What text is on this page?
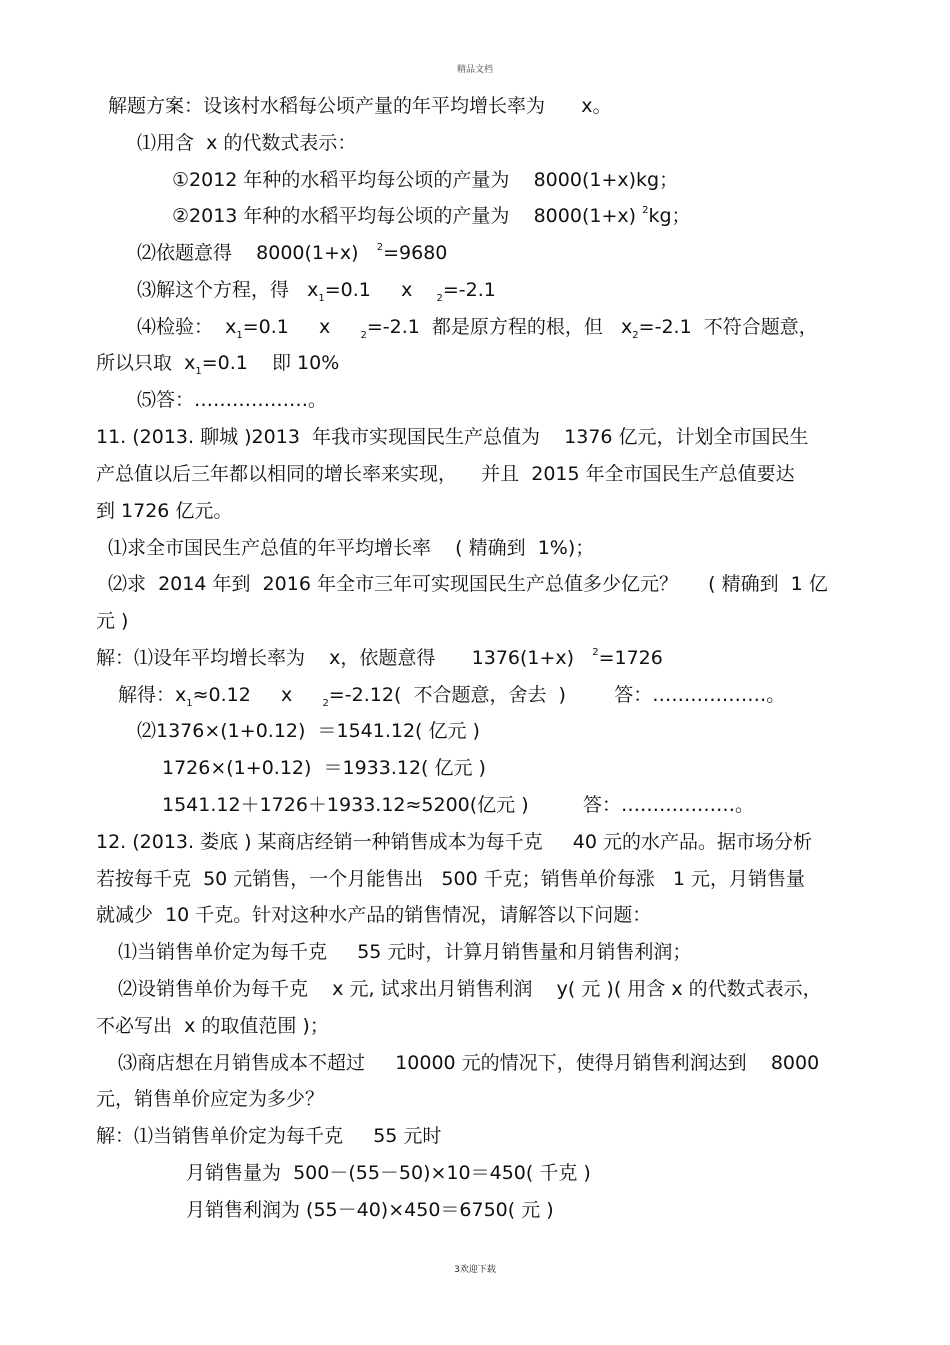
精品文档
解题方案：设该村水稻每公顷产量的年平均增长率为      x。
⑴用含  x 的代数式表示：
①2012 年种的水稻平均每公顷的产量为    8000(1+x)kg；
②2013 年种的水稻平均每公顷的产量为    8000(1+x) $^2$kg；
⑵依题意得    8000(1+x)   $^2$=9680
⑶解这个方程，得   $x_1=0.1$     x    $_2$=-2.1
⑷检验：  $x_1=0.1$     x     $_2$=-2.1  都是原方程的根，但   $x_2=-2.1$  不符合题意，
所以只取  $x_1=0.1$    即 10%
⑸答：………………。
11. (2013. 聊城 )2013  年我市实现国民生产总值为    1376 亿元，计划全市国民生
产总值以后三年都以相同的增长率来实现，    并且  2015 年全市国民生产总值要达
到 1726 亿元。
⑴求全市国民生产总值的年平均增长率    ( 精确到  1%)；
⑵求  2014 年到  2016 年全市三年可实现国民生产总值多少亿元？     ( 精确到  1 亿
元 )
解：⑴设年平均增长率为    x，依题意得      1376(1+x)   $^2$=1726
解得：$x_1\approx 0.12$     x     $_2$=-2.12(  不合题意，舍去  )        答：………………。
⑵1376×(1+0.12)  ＝1541.12( 亿元 )
1726×(1+0.12)  ＝1933.12( 亿元 )
1541.12＋1726＋1933.12≈5200(亿元 )         答：………………。
12. (2013. 娄底 ) 某商店经销一种销售成本为每千克     40 元的水产品。据市场分析
若按每千克  50 元销售，一个月能售出   500 千克；销售单价每涨   1 元，月销售量
就减少  10 千克。针对这种水产品的销售情况，请解答以下问题：
⑴当销售单价定为每千克     55 元时，计算月销售量和月销售利润；
⑵设销售单价为每千克    x 元, 试求出月销售利润    y( 元 )( 用含 x 的代数式表示，
不必写出  x 的取值范围 )；
⑶商店想在月销售成本不超过     10000 元的情况下，使得月销售利润达到    8000
元，销售单价应定为多少？
解：⑴当销售单价定为每千克     55 元时
月销售量为  500－(55－50)×10＝450( 千克 )
月销售利润为 (55－40)×450＝6750( 元 )
3欢迎下载
